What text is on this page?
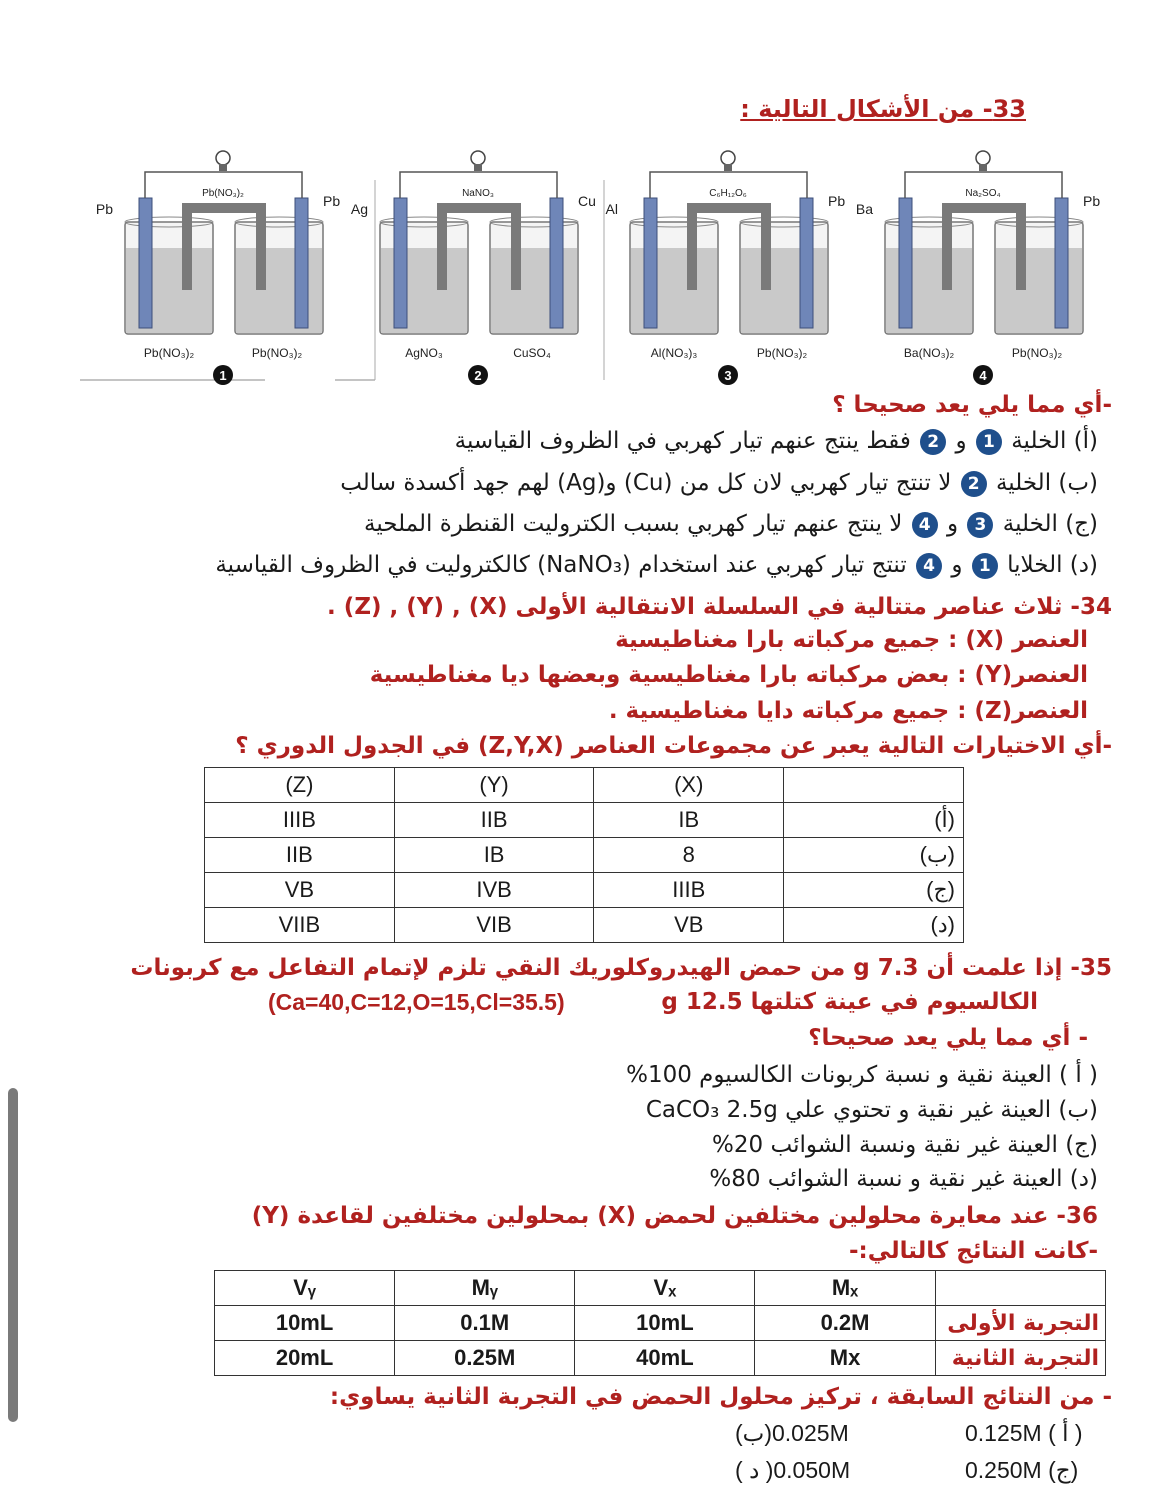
33- من الأشكال التالية :
Pb(NO₃)₂
Pb	Pb
Pb(NO₃)₂	Pb(NO₃)₂
1
NaNO₃
Ag	Cu
AgNO₃	CuSO₄
2
C₆H₁₂O₆
Al	Pb
Al(NO₃)₃	Pb(NO₃)₂
3
Na₂SO₄
Ba	Pb
Ba(NO₃)₂	Pb(NO₃)₂
4
-أي مما يلي يعد صحيحا ؟
(أ) الخلية 1 و 2 فقط ينتج عنهم تيار كهربي في الظروف القياسية
(ب) الخلية 2 لا تنتج تيار كهربي لان كل من (Cu) و(Ag) لهم جهد أكسدة سالب
(ج) الخلية 3 و 4 لا ينتج عنهم تيار كهربي بسبب الكتروليت القنطرة الملحية
(د) الخلايا 1 و 4 تنتج تيار كهربي عند استخدام (NaNO₃) كالكتروليت في الظروف القياسية
34- ثلاث عناصر متتالية في السلسلة الانتقالية الأولى (X) , (Y) , (Z) .
العنصر (X) : جميع مركباته بارا مغناطيسية
العنصر(Y) : بعض مركباته بارا مغناطيسية وبعضها ديا مغناطيسية
العنصر(Z) : جميع مركباته دايا مغناطيسية .
-أي الاختيارات التالية يعبر عن مجموعات العناصر (Z,Y,X) في الجدول الدوري ؟
(Z)	(Y)	(X)	
IIIB	IIB	IB	(أ)
IIB	IB	8	(ب)
VB	IVB	IIIB	(ج)
VIIB	VIB	VB	(د)
35- إذا علمت أن 7.3 g من حمض الهيدروكلوريك النقي تلزم لإتمام التفاعل مع كربونات
الكالسيوم في عينة كتلتها 12.5 g
(Ca=40,C=12,O=15,Cl=35.5)
- أي مما يلي يعد صحيحا؟
( أ ) العينة نقية و نسبة كربونات الكالسيوم 100%
(ب) العينة غير نقية و تحتوي علي CaCO₃ 2.5g
(ج) العينة غير نقية ونسبة الشوائب 20%
(د) العينة غير نقية و نسبة الشوائب 80%
36- عند معايرة محلولين مختلفين لحمض (X) بمحلولين مختلفين لقاعدة (Y)
-كانت النتائج كالتالي:-
Vᵧ	Mᵧ	Vₓ	Mₓ	
10mL	0.1M	10mL	0.2M	التجربة الأولى
20mL	0.25M	40mL	Mx	التجربة الثانية
- من النتائج السابقة ، تركيز محلول الحمض في التجربة الثانية يساوي:
0.125M ( أ )
(ب)0.025M
0.250M (ج)
( د )0.050M
